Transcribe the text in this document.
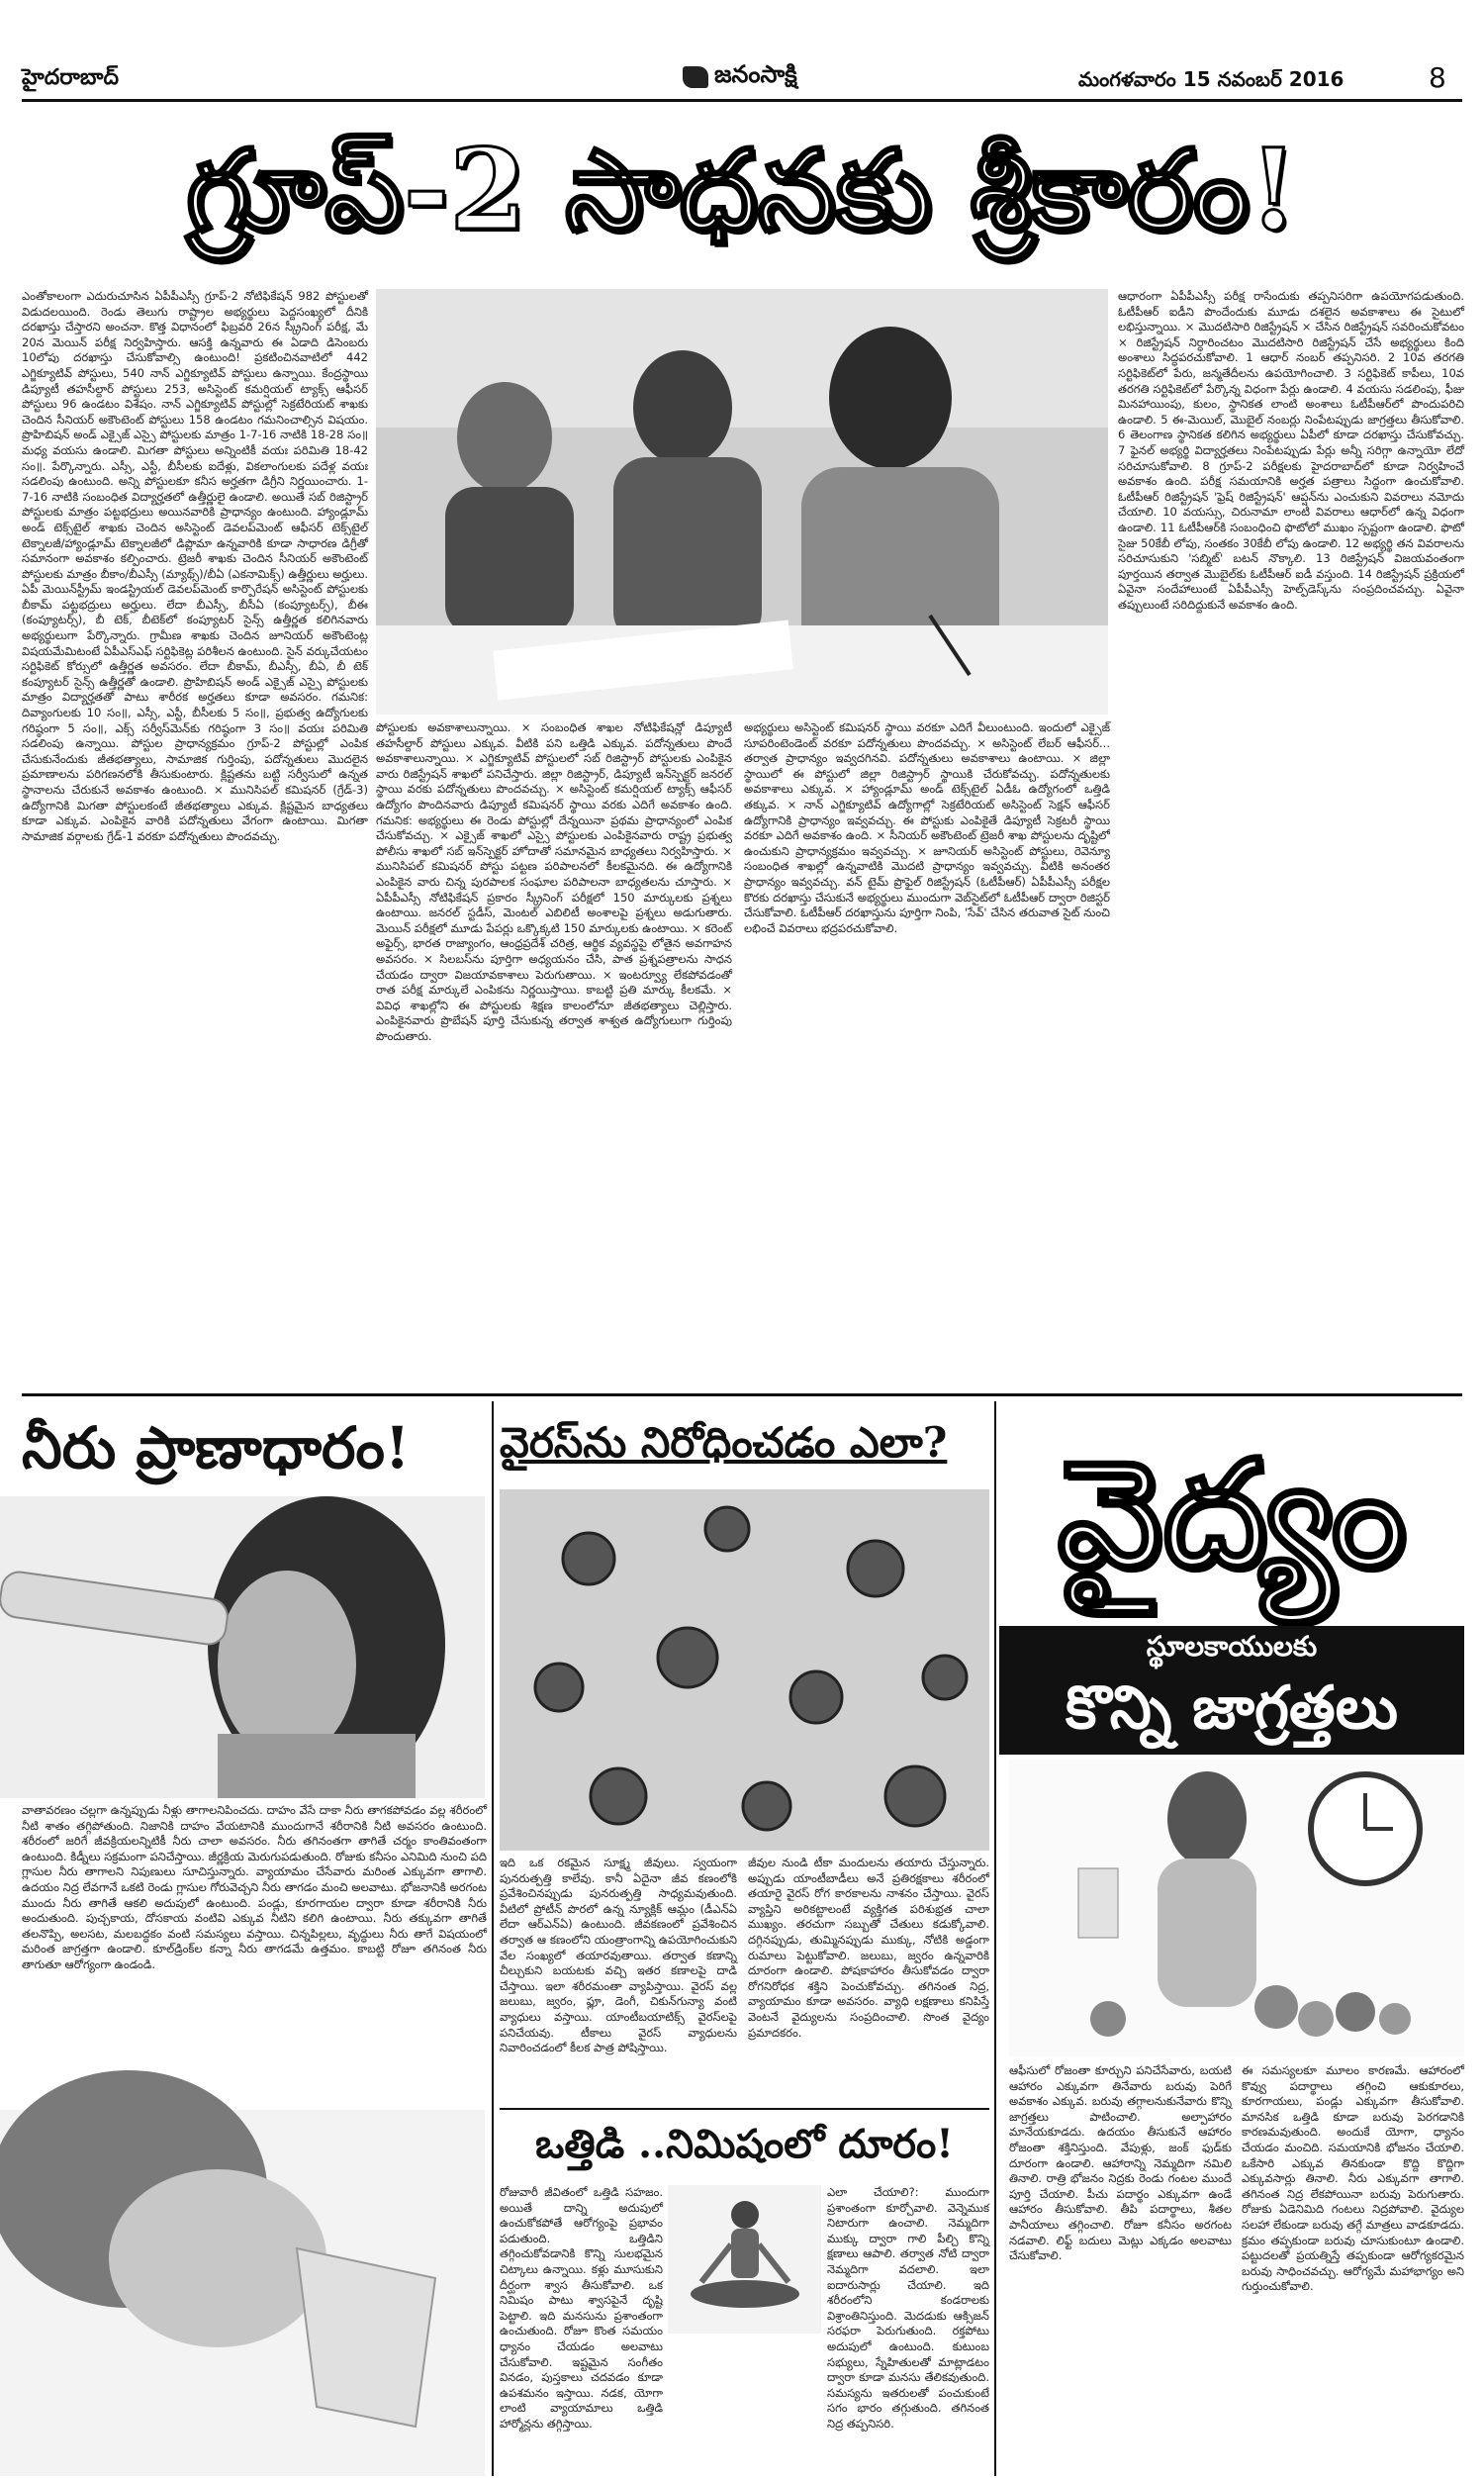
హైదరాబాద్	జనంసాక్షి	మంగళవారం 15 నవంబర్ 2016	8
గ్రూప్-2 సాధనకు శ్రీకారం!
ఎంతోకాలంగా ఎదురుచూసిన ఏపీపీఎస్సీ గ్రూప్-2 నోటిఫికేషన్ 982 పోస్టులతో విడుదలయింది. రెండు తెలుగు రాష్ట్రాల అభ్యర్థులు పెద్దసంఖ్యలో దీనికి దరఖాస్తు చేస్తారని అంచనా. కొత్త విధానంలో ఫిబ్రవరి 26న స్క్రీనింగ్ పరీక్ష, మే 20న మెయిన్ పరీక్ష నిర్వహిస్తారు. ఆసక్తి ఉన్నవారు ఈ ఏడాది డిసెంబరు 10లోపు దరఖాస్తు చేసుకోవాల్సి ఉంటుంది! ప్రకటించినవాటిలో 442 ఎగ్జిక్యూటివ్ పోస్టులు, 540 నాన్ ఎగ్జిక్యూటివ్ పోస్టులు ఉన్నాయి. కేంద్రస్థాయి డిప్యూటీ తహసీల్దార్ పోస్టులు 253, అసిస్టెంట్ కమర్షియల్ ట్యాక్స్ ఆఫీసర్ పోస్టులు 96 ఉండటం విశేషం. నాన్ ఎగ్జిక్యూటివ్ పోస్టుల్లో సెక్రటేరియట్ శాఖకు చెందిన సీనియర్ అకౌంటెంట్ పోస్టులు 158 ఉండటం గమనించాల్సిన విషయం. ప్రొహిబిషన్ అండ్ ఎక్సైజ్ ఎస్సై పోస్టులకు మాత్రం 1-7-16 నాటికి 18-28 సం॥ మధ్య వయసు ఉండాలి. మిగతా పోస్టులు అన్నింటికీ వయః పరిమితి 18-42 సం॥. పేర్కొన్నారు. ఎస్సీ, ఎస్టీ, బీసీలకు ఐదేళ్లు, వికలాంగులకు పదేళ్ల వయః సడలింపు ఉంటుంది. అన్ని పోస్టులకూ కనీస అర్హతగా డిగ్రీని నిర్ణయించారు. 1-7-16 నాటికి సంబంధిత విద్యార్హతలో ఉత్తీర్ణులై ఉండాలి. అయితే సబ్ రిజిస్ట్రార్ పోస్టులకు మాత్రం పట్టభద్రులు అయినవారికి ప్రాధాన్యం ఉంటుంది. హ్యాండ్లూమ్ అండ్ టెక్స్‌టైల్ శాఖకు చెందిన అసిస్టెంట్ డెవలప్‌మెంట్ ఆఫీసర్ టెక్స్‌టైల్ టెక్నాలజీ/హ్యాండ్లూమ్ టెక్నాలజీలో డిప్లొమా ఉన్నవారికి కూడా సాధారణ డిగ్రీతో సమానంగా అవకాశం కల్పించారు. ట్రెజరీ శాఖకు చెందిన సీనియర్ అకౌంటెంట్ పోస్టులకు మాత్రం బీకాం/బీఎస్సీ (మ్యాథ్స్)/బీఏ (ఎకనామిక్స్) ఉత్తీర్ణులు అర్హులు. ఏపీ మెయిన్‌స్ట్రీమ్ ఇండస్ట్రియల్ డెవలప్‌మెంట్ కార్పొరేషన్ అసిస్టెంట్ పోస్టులకు బీకామ్ పట్టభద్రులు అర్హులు. లేదా బీఎస్సీ, బీసీఏ (కంప్యూటర్స్), బీఈ (కంప్యూటర్స్), బీ టెక్, బీటెక్‌లో కంప్యూటర్ సైన్స్ ఉత్తీర్ణత కలిగినవారు అభ్యర్థులుగా పేర్కొన్నారు. గ్రామీణ శాఖకు చెందిన జూనియర్ అకౌంటెంట్ల విషయమేమిటంటే ఏపీఎస్ఎఫ్ సర్టిఫికెట్ల పరిశీలన ఉంటుంది. సైన్ వర్కుచేయటం సర్టిఫికెట్ కోర్సులో ఉత్తీర్ణత అవసరం. లేదా బీకామ్, బీఎస్సీ, బీఏ, బీ టెక్ కంప్యూటర్ సైన్స్ ఉత్తీర్ణతో ఉండాలి. ప్రొహిబిషన్ అండ్ ఎక్సైజ్ ఎస్సై పోస్టులకు మాత్రం విద్యార్హతతో పాటు శారీరక అర్హతలు కూడా అవసరం. గమనిక: దివ్యాంగులకు 10 సం॥, ఎస్సీ, ఎస్టీ, బీసీలకు 5 సం॥, ప్రభుత్వ ఉద్యోగులకు గరిష్ఠంగా 5 సం॥, ఎక్స్ సర్వీస్‌మెన్‌కు గరిష్ఠంగా 3 సం॥ వయః పరిమితి సడలింపు ఉన్నాయి. పోస్టుల ప్రాధాన్యక్రమం గ్రూప్-2 పోస్టుల్లో ఎంపిక చేసుకునేందుకు జీతభత్యాలు, సామాజిక గుర్తింపు, పదోన్నతులు మొదలైన ప్రమాణాలను పరిగణనలోకి తీసుకుంటారు. క్లిష్టతను బట్టి సర్వీసులో ఉన్నత స్థానాలను చేరుకునే అవకాశం ఉంటుంది. × మునిసిపల్ కమిషనర్ (గ్రేడ్-3) ఉద్యోగానికి మిగతా పోస్టులకంటే జీతభత్యాలు ఎక్కువ. క్లిష్టమైన బాధ్యతలు కూడా ఎక్కువ. ఎంపికైన వారికి పదోన్నతులు వేగంగా ఉంటాయి. మిగతా సామాజిక వర్గాలకు గ్రేడ్-1 వరకూ పదోన్నతులు పొందవచ్చు.
పోస్టులకు అవకాశాలున్నాయి. × సంబంధిత శాఖల నోటిఫికేషన్లో డిప్యూటీ తహసీల్దార్ పోస్టులు ఎక్కువ. వీటికి పని ఒత్తిడి ఎక్కువ. పదోన్నతులు పొందే అవకాశాలున్నాయి. × ఎగ్జిక్యూటివ్ పోస్టులలో సబ్ రిజిస్ట్రార్ పోస్టులకు ఎంపికైన వారు రిజిస్ట్రేషన్ శాఖలో పనిచేస్తారు. జిల్లా రిజిస్ట్రార్, డిప్యూటీ ఇన్‌స్పెక్టర్ జనరల్ స్థాయి వరకు పదోన్నతులు పొందవచ్చు. × అసిస్టెంట్ కమర్షియల్ ట్యాక్స్ ఆఫీసర్ ఉద్యోగం పొందినవారు డిప్యూటీ కమిషనర్ స్థాయి వరకు ఎదిగే అవకాశం ఉంది. గమనిక: అభ్యర్థులు ఈ రెండు పోస్టుల్లో దేన్నయినా ప్రథమ ప్రాధాన్యంలో ఎంపిక చేసుకోవచ్చు. × ఎక్సైజ్ శాఖలో ఎస్సై పోస్టులకు ఎంపికైనవారు రాష్ట్ర ప్రభుత్వ పోలీసు శాఖలో సబ్ ఇన్‌స్పెక్టర్ హోదాతో సమానమైన బాధ్యతలు నిర్వహిస్తారు. × మునిసిపల్ కమిషనర్ పోస్టు పట్టణ పరిపాలనలో కీలకమైనది. ఈ ఉద్యోగానికి ఎంపికైన వారు చిన్న పురపాలక సంఘాల పరిపాలనా బాధ్యతలను చూస్తారు. × ఏపీపీఎస్సీ నోటిఫికేషన్ ప్రకారం స్క్రీనింగ్ పరీక్షలో 150 మార్కులకు ప్రశ్నలు ఉంటాయి. జనరల్ స్టడీస్, మెంటల్ ఎబిలిటీ అంశాలపై ప్రశ్నలు అడుగుతారు. మెయిన్ పరీక్షలో మూడు పేపర్లు ఒక్కొక్కటి 150 మార్కులకు ఉంటాయి. × కరెంట్ అఫైర్స్, భారత రాజ్యాంగం, ఆంధ్రప్రదేశ్ చరిత్ర, ఆర్థిక వ్యవస్థపై లోతైన అవగాహన అవసరం. × సిలబస్‌ను పూర్తిగా అధ్యయనం చేసి, పాత ప్రశ్నపత్రాలను సాధన చేయడం ద్వారా విజయావకాశాలు పెరుగుతాయి. × ఇంటర్వ్యూ లేకపోవడంతో రాత పరీక్ష మార్కులే ఎంపికను నిర్ణయిస్తాయి. కాబట్టి ప్రతి మార్కు కీలకమే. × వివిధ శాఖల్లోని ఈ పోస్టులకు శిక్షణ కాలంలోనూ జీతభత్యాలు చెల్లిస్తారు. ఎంపికైనవారు ప్రొబేషన్ పూర్తి చేసుకున్న తర్వాత శాశ్వత ఉద్యోగులుగా గుర్తింపు పొందుతారు.
అభ్యర్థులు అసిస్టెంట్ కమిషనర్ స్థాయి వరకూ ఎదిగే వీలుంటుంది. ఇందులో ఎక్సైజ్ సూపరింటెండెంట్ వరకూ పదోన్నతులు పొందవచ్చు. × అసిస్టెంట్ లేబర్ ఆఫీసర్... తర్వాత ప్రాధాన్యం ఇవ్వదగినవి. పదోన్నతులు అవకాశాలు ఉంటాయి. × జిల్లా స్థాయిలో ఈ పోస్టులో జిల్లా రిజిస్ట్రార్ స్థాయికి చేరుకోవచ్చు. పదోన్నతులకు అవకాశాలు ఎక్కువ. × హ్యాండ్లూమ్ అండ్ టెక్స్‌టైల్ ఏడీఓ ఉద్యోగంలో ఒత్తిడి తక్కువ. × నాన్ ఎగ్జిక్యూటివ్ ఉద్యోగాల్లో సెక్రటేరియట్ అసిస్టెంట్ సెక్షన్ ఆఫీసర్ ఉద్యోగానికి ప్రాధాన్యం ఇవ్వవచ్చు. ఈ పోస్టుకు ఎంపికైతే డిప్యూటీ సెక్రటరీ స్థాయి వరకూ ఎదిగే అవకాశం ఉంది. × సీనియర్ అకౌంటెంట్ ట్రెజరీ శాఖ పోస్టులను దృష్టిలో ఉంచుకుని ప్రాధాన్యక్రమం ఇవ్వవచ్చు. × జూనియర్ అసిస్టెంట్ పోస్టులు, రెవెన్యూ సంబంధిత శాఖల్లో ఉన్నవాటికి మొదటి ప్రాధాన్యం ఇవ్వవచ్చు. వీటికి అనంతర ప్రాధాన్యం ఇవ్వవచ్చు. వన్ టైమ్ ప్రొఫైల్ రిజిస్ట్రేషన్ (ఓటీపీఆర్) ఏపీపీఎస్సీ పరీక్షల కొరకు దరఖాస్తు చేసుకునే అభ్యర్థులు ముందుగా వెబ్‌సైట్‌లో ఓటీపీఆర్ ద్వారా రిజిస్టర్ చేసుకోవాలి. ఓటీపీఆర్ దరఖాస్తును పూర్తిగా నింపి, 'సేవ్' చేసిన తరువాత సైట్ నుంచి లభించే వివరాలు భద్రపరచుకోవాలి.
ఆధారంగా ఏపీపీఎస్సీ పరీక్ష రాసేందుకు తప్పనిసరిగా ఉపయోగపడుతుంది. ఓటీపీఆర్ ఐడీని పొందేందుకు మూడు దశలైన అవకాశాలు ఈ సైటులో లభిస్తున్నాయి. × మొదటిసారి రిజిస్ట్రేషన్ × చేసిన రిజిస్ట్రేషన్ సవరించుకోవటం × రిజిస్ట్రేషన్ నిర్ధారించటం మొదటిసారి రిజిస్ట్రేషన్ చేసే అభ్యర్థులు కింది అంశాలు సిద్ధపరచుకోవాలి. 1 ఆధార్ నంబర్ తప్పనిసరి. 2 10వ తరగతి సర్టిఫికెట్‌లో పేరు, జన్మతేదీలను ఉపయోగించాలి. 3 సర్టిఫికెట్ కాపీలు, 10వ తరగతి సర్టిఫికెట్‌లో పేర్కొన్న విధంగా పేర్లు ఉండాలి. 4 వయసు సడలింపు, ఫీజు మినహాయింపు, కులం, స్థానికత లాంటి అంశాలు ఓటీపీఆర్‌లో పొందుపరిచి ఉండాలి. 5 ఈ-మెయిల్, మొబైల్ నంబర్లు నింపేటప్పుడు జాగ్రత్తలు తీసుకోవాలి. 6 తెలంగాణ స్థానికత కలిగిన అభ్యర్థులు ఏపీలో కూడా దరఖాస్తు చేసుకోవచ్చు. 7 ఫైనల్ అభ్యర్థి విద్యార్హతలు నింపేటప్పుడు పేర్లు అన్నీ సరిగ్గా ఉన్నాయో లేదో సరిచూసుకోవాలి. 8 గ్రూప్-2 పరీక్షలకు హైదరాబాద్‌లో కూడా నిర్వహించే అవకాశం ఉంది. పరీక్ష సమయానికి అర్హత పత్రాలు సిద్ధంగా ఉంచుకోవాలి. ఓటీపీఆర్ రిజిస్ట్రేషన్ 'ఫ్రెష్ రిజిస్ట్రేషన్' ఆప్షన్‌ను ఎంచుకుని వివరాలు నమోదు చేయాలి. 10 వయస్సు, చిరునామా లాంటి వివరాలు ఆధార్‌లో ఉన్న విధంగా ఉండాలి. 11 ఓటీపీఆర్‌కి సంబంధించి ఫొటోలో ముఖం స్పష్టంగా ఉండాలి. ఫొటో సైజు 50కేబీ లోపు, సంతకం 30కేబీ లోపు ఉండాలి. 12 అభ్యర్థి తన వివరాలను సరిచూసుకుని 'సబ్మిట్' బటన్ నొక్కాలి. 13 రిజిస్ట్రేషన్ విజయవంతంగా పూర్తయిన తర్వాత మొబైల్‌కు ఓటీపీఆర్ ఐడీ వస్తుంది. 14 రిజిస్ట్రేషన్ ప్రక్రియలో ఏవైనా సందేహాలుంటే ఏపీపీఎస్సీ హెల్ప్‌డెస్క్‌ను సంప్రదించవచ్చు. ఏవైనా తప్పులుంటే సరిదిద్దుకునే అవకాశం ఉంది.
నీరు ప్రాణాధారం!
వాతావరణం చల్లగా ఉన్నప్పుడు నీళ్లు తాగాలనిపించదు. దాహం వేసే దాకా నీరు తాగకపోవడం వల్ల శరీరంలో నీటి శాతం తగ్గిపోతుంది. నిజానికి దాహం వేయటానికి ముందుగానే శరీరానికి నీటి అవసరం ఉంటుంది. శరీరంలో జరిగే జీవక్రియలన్నిటికీ నీరు చాలా అవసరం. నీరు తగినంతగా తాగితే చర్మం కాంతివంతంగా ఉంటుంది. కిడ్నీలు సక్రమంగా పనిచేస్తాయి. జీర్ణక్రియ మెరుగుపడుతుంది. రోజుకు కనీసం ఎనిమిది నుంచి పది గ్లాసుల నీరు తాగాలని నిపుణులు సూచిస్తున్నారు. వ్యాయామం చేసేవారు మరింత ఎక్కువగా తాగాలి. ఉదయం నిద్ర లేవగానే ఒకటి రెండు గ్లాసుల గోరువెచ్చని నీరు తాగడం మంచి అలవాటు. భోజనానికి అరగంట ముందు నీరు తాగితే ఆకలి అదుపులో ఉంటుంది. పండ్లు, కూరగాయల ద్వారా కూడా శరీరానికి నీరు అందుతుంది. పుచ్చకాయ, దోసకాయ వంటివి ఎక్కువ నీటిని కలిగి ఉంటాయి. నీరు తక్కువగా తాగితే తలనొప్పి, అలసట, మలబద్ధకం వంటి సమస్యలు వస్తాయి. చిన్నపిల్లలు, వృద్ధులు నీరు తాగే విషయంలో మరింత జాగ్రత్తగా ఉండాలి. కూల్‌డ్రింక్‌ల కన్నా నీరు తాగడమే ఉత్తమం. కాబట్టి రోజూ తగినంత నీరు తాగుతూ ఆరోగ్యంగా ఉండండి.
వైరస్‌ను నిరోధించడం ఎలా?
ఇది ఒక రకమైన సూక్ష్మ జీవులు. స్వయంగా పునరుత్పత్తి కాలేవు. కానీ ఏదైనా జీవ కణంలోకి ప్రవేశించినప్పుడు పునరుత్పత్తి సాధ్యమవుతుంది. వీటిలో ప్రోటీన్ పొరలో ఉన్న న్యూక్లిక్ ఆమ్లం (డీఎన్ఏ లేదా ఆర్ఎన్ఏ) ఉంటుంది. జీవకణంలో ప్రవేశించిన తర్వాత ఆ కణంలోని యంత్రాంగాన్ని ఉపయోగించుకుని వేల సంఖ్యలో తయారవుతాయి. తర్వాత కణాన్ని చీల్చుకుని బయటకు వచ్చి ఇతర కణాలపై దాడి చేస్తాయి. ఇలా శరీరమంతా వ్యాపిస్తాయి. వైరస్ వల్ల జలుబు, జ్వరం, ఫ్లూ, డెంగీ, చికున్‌గున్యా వంటి వ్యాధులు వస్తాయి. యాంటీబయాటిక్స్ వైరస్‌లపై పనిచేయవు. టీకాలు వైరస్ వ్యాధులను నివారించడంలో కీలక పాత్ర పోషిస్తాయి.
జీవుల నుండి టీకా మందులను తయారు చేస్తున్నారు. అప్పుడు యాంటీబాడీలు అనే ప్రతిరక్షకాలు శరీరంలో తయారై వైరస్ రోగ కారకాలను నాశనం చేస్తాయి. వైరస్ వ్యాప్తిని అరికట్టాలంటే వ్యక్తిగత పరిశుభ్రత చాలా ముఖ్యం. తరచుగా సబ్బుతో చేతులు కడుక్కోవాలి. దగ్గినప్పుడు, తుమ్మినప్పుడు ముక్కు, నోటికి అడ్డంగా రుమాలు పెట్టుకోవాలి. జలుబు, జ్వరం ఉన్నవారికి దూరంగా ఉండాలి. పోషకాహారం తీసుకోవడం ద్వారా రోగనిరోధక శక్తిని పెంచుకోవచ్చు. తగినంత నిద్ర, వ్యాయామం కూడా అవసరం. వ్యాధి లక్షణాలు కనిపిస్తే వెంటనే వైద్యులను సంప్రదించాలి. సొంత వైద్యం ప్రమాదకరం.
ఒత్తిడి ..నిమిషంలో దూరం!
రోజువారీ జీవితంలో ఒత్తిడి సహజం. అయితే దాన్ని అదుపులో ఉంచుకోకపోతే ఆరోగ్యంపై ప్రభావం పడుతుంది. ఒత్తిడిని తగ్గించుకోవడానికి కొన్ని సులభమైన చిట్కాలు ఉన్నాయి. కళ్లు మూసుకుని దీర్ఘంగా శ్వాస తీసుకోవాలి. ఒక నిమిషం పాటు శ్వాసపైనే దృష్టి పెట్టాలి. ఇది మనసును ప్రశాంతంగా ఉంచుతుంది. రోజూ కొంత సమయం ధ్యానం చేయడం అలవాటు చేసుకోవాలి. ఇష్టమైన సంగీతం వినడం, పుస్తకాలు చదవడం కూడా ఉపశమనం ఇస్తాయి. నడక, యోగా లాంటి వ్యాయామాలు ఒత్తిడి హార్మోన్లను తగ్గిస్తాయి.
ఎలా చేయాలి?: ముందుగా ప్రశాంతంగా కూర్చోవాలి. వెన్నెముక నిటారుగా ఉంచాలి. నెమ్మదిగా ముక్కు ద్వారా గాలి పీల్చి కొన్ని క్షణాలు ఆపాలి. తర్వాత నోటి ద్వారా నెమ్మదిగా వదలాలి. ఇలా ఐదారుసార్లు చేయాలి. ఇది శరీరంలోని కండరాలకు విశ్రాంతినిస్తుంది. మెదడుకు ఆక్సిజన్ సరఫరా పెరుగుతుంది. రక్తపోటు అదుపులో ఉంటుంది. కుటుంబ సభ్యులు, స్నేహితులతో మాట్లాడటం ద్వారా కూడా మనసు తేలికవుతుంది. సమస్యను ఇతరులతో పంచుకుంటే సగం భారం తగ్గుతుంది. తగినంత నిద్ర తప్పనిసరి.
వైద్యం
స్థూలకాయులకు
కొన్ని జాగ్రత్తలు
ఆఫీసులో రోజంతా కూర్చుని పనిచేసేవారు, బయటి ఆహారం ఎక్కువగా తినేవారు బరువు పెరిగే అవకాశం ఎక్కువ. బరువు తగ్గాలనుకునేవారు కొన్ని జాగ్రత్తలు పాటించాలి. అల్పాహారం మానేయకూడదు. ఉదయం తీసుకునే ఆహారం రోజంతా శక్తినిస్తుంది. వేపుళ్లు, జంక్ ఫుడ్‌కు దూరంగా ఉండాలి. ఆహారాన్ని నెమ్మదిగా నమిలి తినాలి. రాత్రి భోజనం నిద్రకు రెండు గంటల ముందే పూర్తి చేయాలి. పీచు పదార్థం ఎక్కువగా ఉండే ఆహారం తీసుకోవాలి. తీపి పదార్థాలు, శీతల పానీయాలు తగ్గించాలి. రోజూ కనీసం అరగంట నడవాలి. లిఫ్ట్ బదులు మెట్లు ఎక్కడం అలవాటు చేసుకోవాలి.
ఈ సమస్యలకూ మూలం కారణమే. ఆహారంలో కొవ్వు పదార్థాలు తగ్గించి ఆకుకూరలు, కూరగాయలు, పండ్లు ఎక్కువగా తీసుకోవాలి. మానసిక ఒత్తిడి కూడా బరువు పెరగడానికి కారణమవుతుంది. అందుకే యోగా, ధ్యానం చేయడం మంచిది. సమయానికి భోజనం చేయాలి. ఒకేసారి ఎక్కువ తినకుండా కొద్ది కొద్దిగా ఎక్కువసార్లు తినాలి. నీరు ఎక్కువగా తాగాలి. తగినంత నిద్ర లేకపోయినా బరువు పెరుగుతారు. రోజుకు ఏడెనిమిది గంటలు నిద్రపోవాలి. వైద్యుల సలహా లేకుండా బరువు తగ్గే మాత్రలు వాడకూడదు. క్రమం తప్పకుండా బరువు చూసుకుంటూ ఉండాలి. పట్టుదలతో ప్రయత్నిస్తే తప్పకుండా ఆరోగ్యకరమైన బరువు సాధించవచ్చు. ఆరోగ్యమే మహాభాగ్యం అని గుర్తుంచుకోవాలి.
